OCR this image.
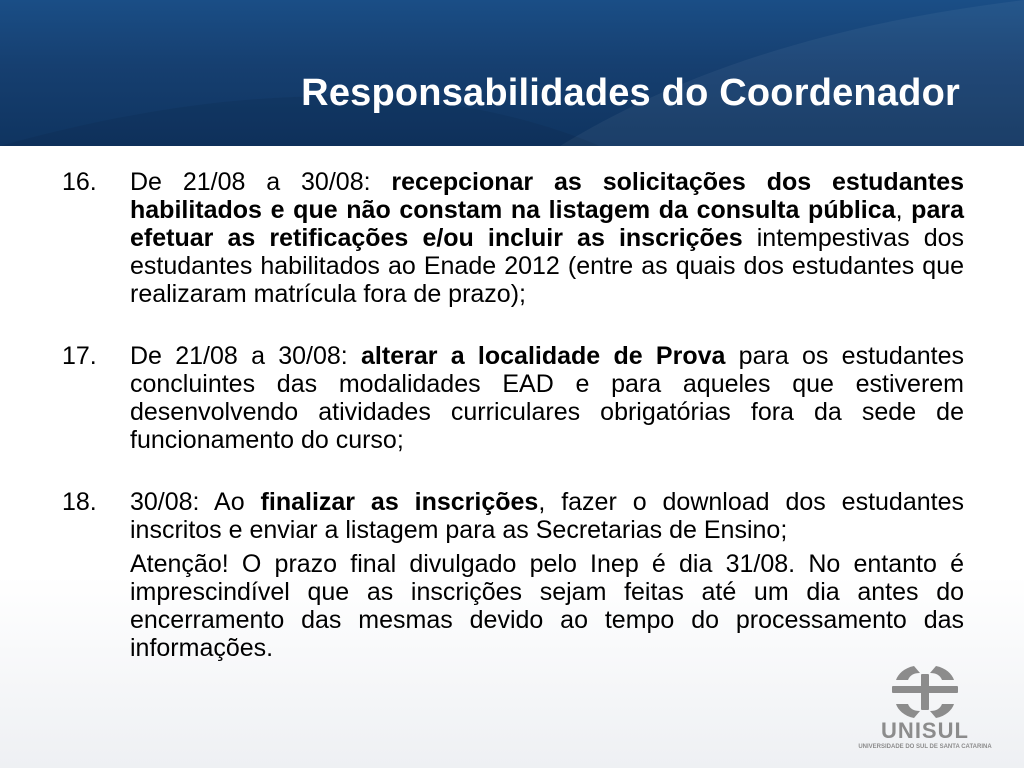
Responsabilidades do Coordenador
16.	De 21/08 a 30/08: recepcionar as solicitações dos estudantes habilitados e que não constam na listagem da consulta pública, para efetuar as retificações e/ou incluir as inscrições intempestivas dos estudantes habilitados ao Enade 2012 (entre as quais dos estudantes que realizaram matrícula fora de prazo);
17.	De 21/08 a 30/08: alterar a localidade de Prova para os estudantes concluintes das modalidades EAD e para aqueles que estiverem desenvolvendo atividades curriculares obrigatórias fora da sede de funcionamento do curso;
18.	30/08: Ao finalizar as inscrições, fazer o download dos estudantes inscritos e enviar a listagem para as Secretarias de Ensino;
Atenção! O prazo final divulgado pelo Inep é dia 31/08. No entanto é imprescindível que as inscrições sejam feitas até um dia antes do encerramento das mesmas devido ao tempo do processamento das informações.
UNISUL
UNIVERSIDADE DO SUL DE SANTA CATARINA
